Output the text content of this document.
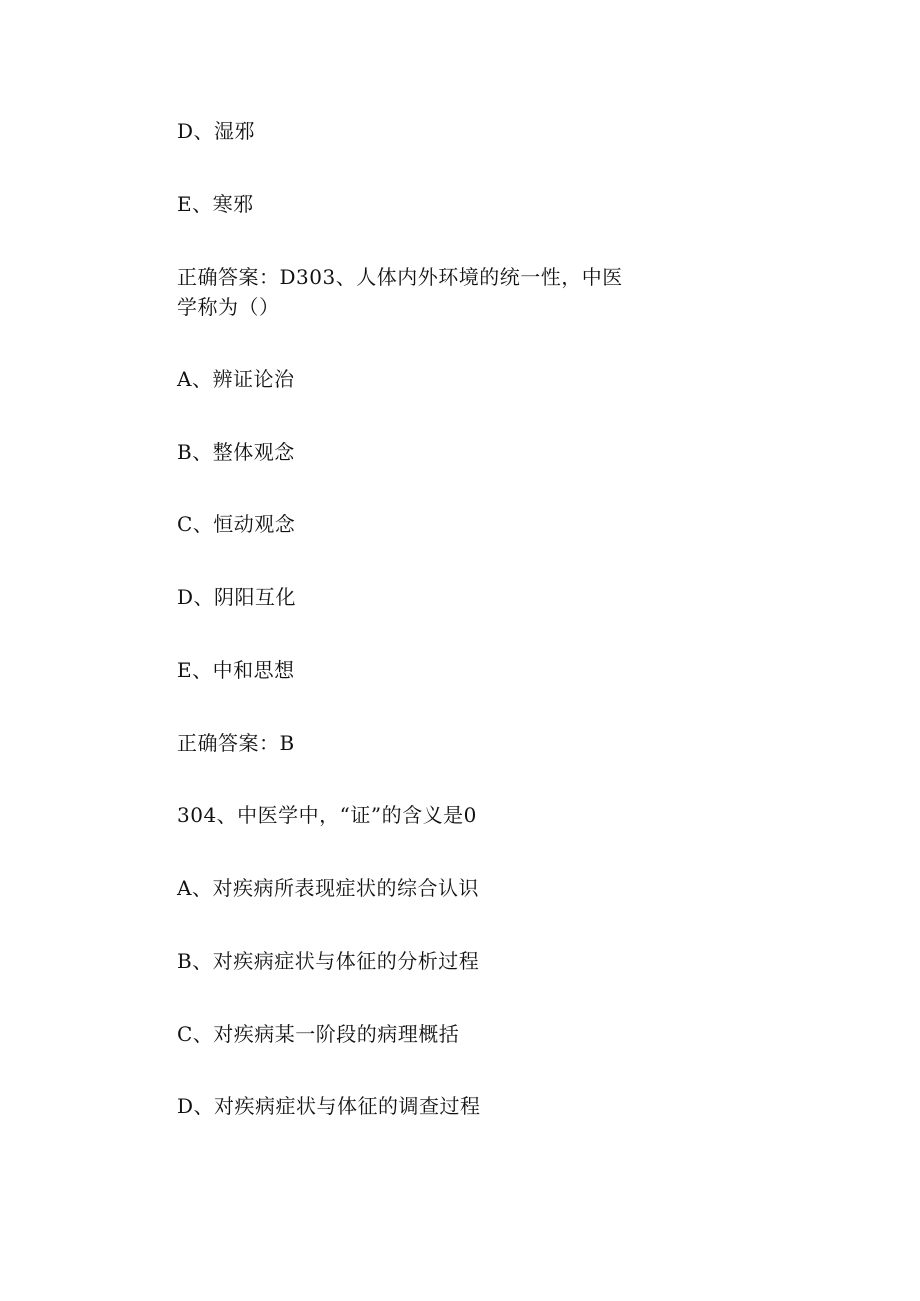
D、湿邪
E、寒邪
正确答案：D303、人体内外环境的统一性，中医
学称为（）
A、辨证论治
B、整体观念
C、恒动观念
D、阴阳互化
E、中和思想
正确答案：B
304、中医学中，“证”的含义是0
A、对疾病所表现症状的综合认识
B、对疾病症状与体征的分析过程
C、对疾病某一阶段的病理概括
D、对疾病症状与体征的调查过程
